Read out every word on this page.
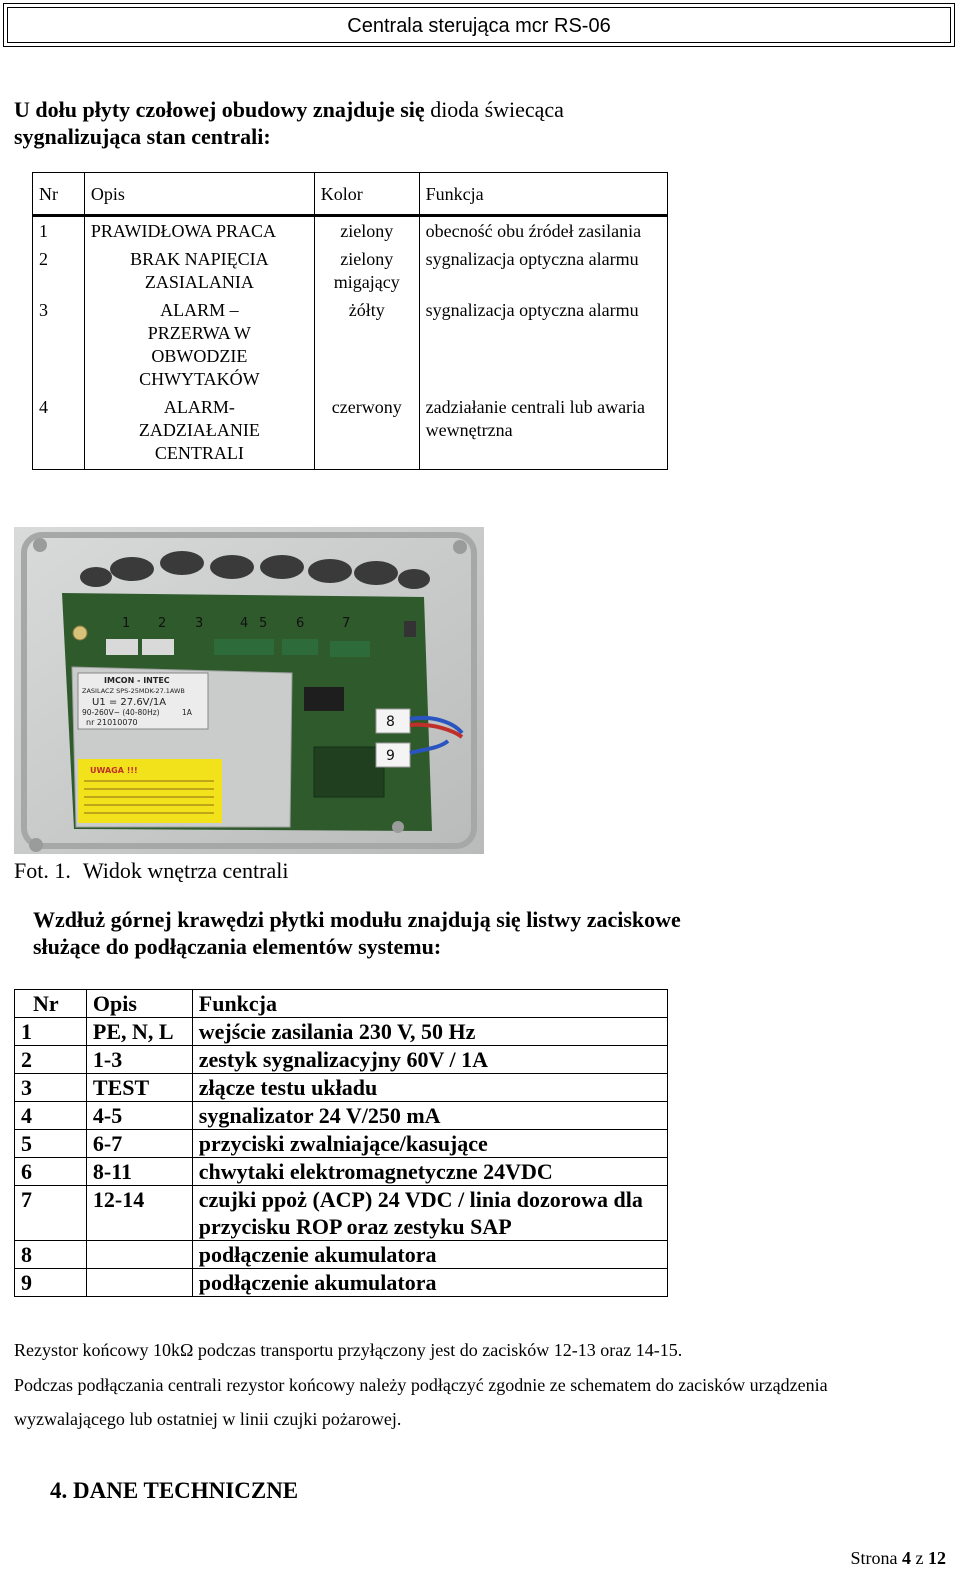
Centrala sterująca mcr RS-06
U dołu płyty czołowej obudowy znajduje się dioda świecąca
sygnalizująca stan centrali:
Nr	Opis	Kolor	Funkcja
1	PRAWIDŁOWA PRACA	zielony	obecność obu źródeł zasilania
2	BRAK NAPIĘCIA ZASIALANIA	zielony migający	sygnalizacja optyczna alarmu
3	ALARM – PRZERWA W OBWODZIE CHWYTAKÓW	żółty	sygnalizacja optyczna alarmu
4	ALARM-ZADZIAŁANIE CENTRALI	czerwony	zadziałanie centrali lub awaria wewnętrzna
1 2 3	4 5 6	7
IMCON - INTEC
ZASILACZ SPS-25MDK-27.1AWB
U1 = 27.6V/1A
90-260V~ (40-80Hz)	1A
nr 21010070
UWAGA !!!
8
9
Fot. 1. Widok wnętrza centrali
Wzdłuż górnej krawędzi płytki modułu znajdują się listwy zaciskowe
służące do podłączania elementów systemu:
Nr	Opis	Funkcja
1	PE, N, L	wejście zasilania 230 V, 50 Hz
2	1-3	zestyk sygnalizacyjny 60V / 1A
3	TEST	złącze testu układu
4	4-5	sygnalizator 24 V/250 mA
5	6-7	przyciski zwalniające/kasujące
6	8-11	chwytaki elektromagnetyczne 24VDC
7	12-14	czujki ppoż (ACP) 24 VDC / linia dozorowa dla przycisku ROP oraz zestyku SAP
8		podłączenie akumulatora
9		podłączenie akumulatora
Rezystor końcowy 10kΩ podczas transportu przyłączony jest do zacisków 12-13 oraz 14-15.
Podczas podłączania centrali rezystor końcowy należy podłączyć zgodnie ze schematem do zacisków urządzenia
wyzwalającego lub ostatniej w linii czujki pożarowej.
4. DANE TECHNICZNE
Strona 4 z 12
